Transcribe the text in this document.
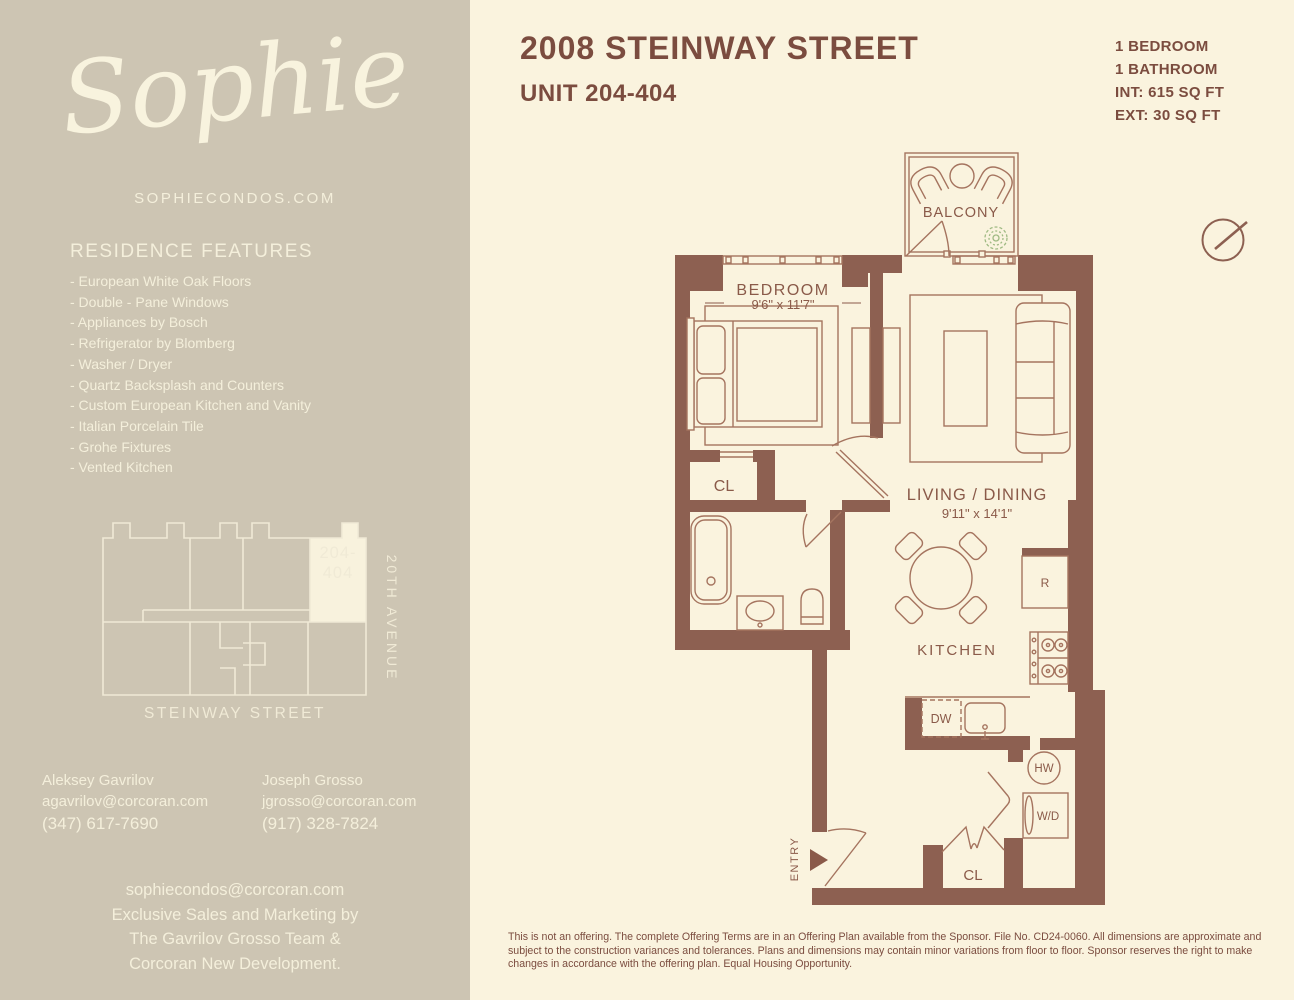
Sophie
SOPHIECONDOS.COM
RESIDENCE FEATURES
- European White Oak Floors
- Double - Pane Windows
- Appliances by Bosch
- Refrigerator by Blomberg
- Washer / Dryer
- Quartz Backsplash and Counters
- Custom European Kitchen and Vanity
- Italian Porcelain Tile
- Grohe Fixtures
- Vented Kitchen
204-
404 20TH AVENUE
STEINWAY STREET
Aleksey Gavrilov
agavrilov@corcoran.com
(347) 617-7690
Joseph Grosso
jgrosso@corcoran.com
(917) 328-7824
sophiecondos@corcoran.com
Exclusive Sales and Marketing by
The Gavrilov Grosso Team &
Corcoran New Development.
2008 STEINWAY STREET
UNIT 204-404
1 BEDROOM
1 BATHROOM
INT: 615 SQ FT
EXT: 30 SQ FT
BALCONY
BEDROOM
9'6" x 11'7"
CL	LIVING / DINING
9'11" x 14'1"
KITCHEN
DW
R
HW
W/D
CL
ENTRY
This is not an offering. The complete Offering Terms are in an Offering Plan available from the Sponsor. File No. CD24-0060. All dimensions are approximate and subject to the construction variances and tolerances. Plans and dimensions may contain minor variations from floor to floor. Sponsor reserves the right to make changes in accordance with the offering plan. Equal Housing Opportunity.
